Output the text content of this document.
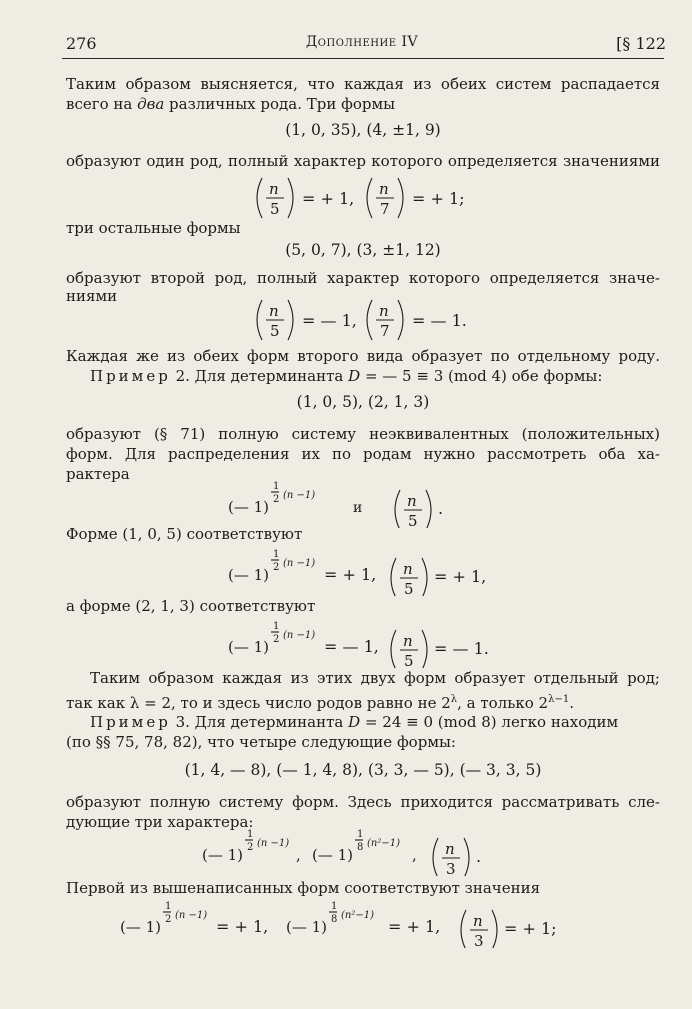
276	Дополнение IV	[§ 122
Таким образом выясняется, что каждая из обеих систем распадается
всего на два различных рода. Три формы
(1, 0, 35), (4, ±1, 9)
образуют один род, полный характер которого определяется значениями
n
5
= + 1, n
7
= + 1;
три остальные формы
(5, 0, 7), (3, ±1, 12)
образуют второй род, полный характер которого определяется значе-
ниями
n
5
= — 1, n
7
= — 1.
Каждая же из обеих форм второго вида образует по отдельному роду.
Пример 2. Для детерминанта D = — 5 ≡ 3 (mod 4) обе формы:
(1, 0, 5), (2, 1, 3)
образуют (§ 71) полную систему неэквивалентных (положительных)
форм. Для распределения их по родам нужно рассмотреть оба ха-
рактера
(— 1)
1
2 (n −1)	n
5
.
и
Форме (1, 0, 5) соответствуют
(— 1)
1
2 (n −1)
= + 1, n
5
= + 1,
а форме (2, 1, 3) соответствуют
(— 1)
1
2 (n −1)
= — 1, n
5
= — 1.
Таким образом каждая из этих двух форм образует отдельный род;
так как λ = 2, то и здесь число родов равно не $2^\lambda$, а только $2^{\lambda-1}$.
Пример 3. Для детерминанта D = 24 ≡ 0 (mod 8) легко находим
(по §§ 75, 78, 82), что четыре следующие формы:
(1, 4, — 8), (— 1, 4, 8), (3, 3, — 5), (— 3, 3, 5)
образуют полную систему форм. Здесь приходится рассматривать сле-
дующие три характера:
(— 1)
1
2 (n −1)
, (— 1)
1
8 (n²−1)
, n
3
.
Первой из вышенаписанных форм соответствуют значения
(— 1)
1
2 (n −1)
= + 1, (— 1)
1
8 (n²−1)
= + 1, n
3
= + 1;
